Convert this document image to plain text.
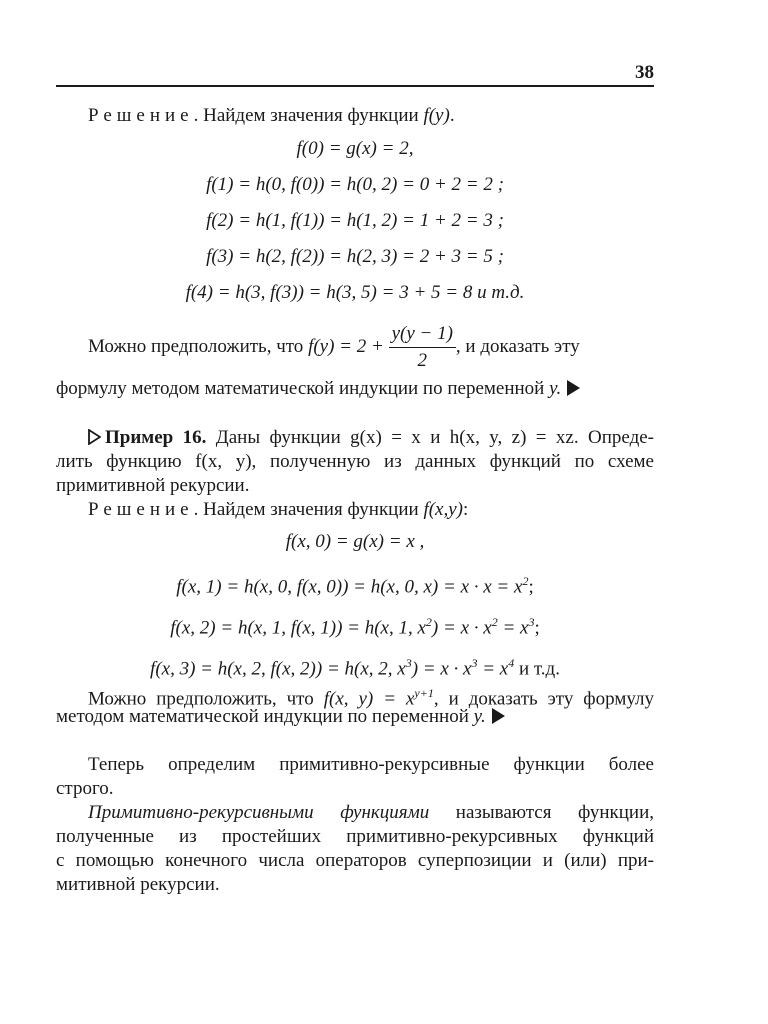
38
Решение. Найдем значения функции f(y).
f(0) = g(x) = 2,
f(1) = h(0, f(0)) = h(0, 2) = 0 + 2 = 2 ;
f(2) = h(1, f(1)) = h(1, 2) = 1 + 2 = 3 ;
f(3) = h(2, f(2)) = h(2, 3) = 2 + 3 = 5 ;
f(4) = h(3, f(3)) = h(3, 5) = 3 + 5 = 8 и т.д.
Можно предположить, что $f(y) = 2 + \frac{y(y - 1)}{2}$ , и доказать эту
формулу методом математической индукции по переменной y.
Пример 16. Даны функции g(x) = x и h(x, y, z) = xz. Опреде-
лить функцию f(x, y), полученную из данных функций по схеме
примитивной рекурсии.
Решение. Найдем значения функции f(x,y):
f(x, 0) = g(x) = x ,
f(x, 1) = h(x, 0, f(x, 0)) = h(x, 0, $x) = x \cdot x = x^2$;
f(x, 2) = h(x, 1, f(x, 1)) = h(x, 1, $x^2) = x \cdot x^2 = x^3$;
f(x, 3) = h(x, 2, f(x, 2)) = h(x, 2, $x^3) = x \cdot x^3 = x^4$ и т.д.
Можно предположить, что f(x, $y) = x^{y+1}$, и доказать эту формулу
методом математической индукции по переменной y.
Теперь определим примитивно-рекурсивные функции более
строго.
Примитивно-рекурсивными функциями называются функции,
полученные из простейших примитивно-рекурсивных функций
с помощью конечного числа операторов суперпозиции и (или) при-
митивной рекурсии.
